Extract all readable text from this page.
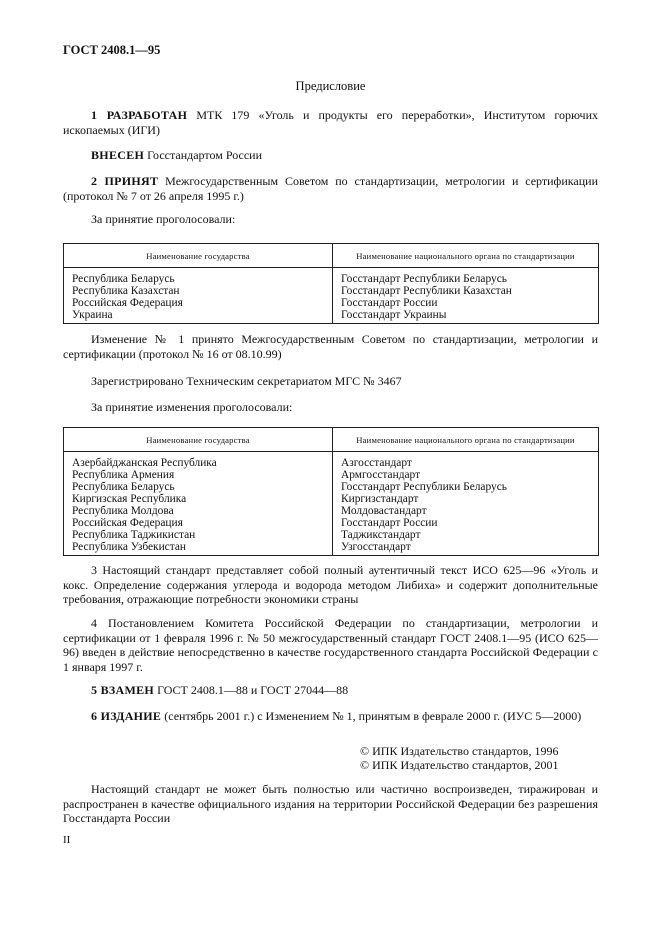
ГОСТ 2408.1—95
Предисловие

1 РАЗРАБОТАН МТК 179 «Уголь и продукты его переработки», Институтом горючих ископаемых (ИГИ)

ВНЕСЕН Госстандартом России

2 ПРИНЯТ Межгосударственным Советом по стандартизации, метрологии и сертификации (протокол № 7 от 26 апреля 1995 г.)

За принятие проголосовали:
Наименование государства	Наименование национального органа по стандартизации
Республика Беларусь	Госстандарт Республики Беларусь
Республика Казахстан	Госстандарт Республики Казахстан
Российская Федерация	Госстандарт России
Украина	Госстандарт Украины

Изменение № 1 принято Межгосударственным Советом по стандартизации, метрологии и сертификации (протокол № 16 от 08.10.99)

Зарегистрировано Техническим секретариатом МГС № 3467
За принятие изменения проголосовали:
Наименование государства	Наименование национального органа по стандартизации
Азербайджанская Республика	Азгосстандарт
Республика Армения	Армгосстандарт
Республика Беларусь	Госстандарт Республики Беларусь
Киргизская Республика	Киргизстандарт
Республика Молдова	Молдовастандарт
Российская Федерация	Госстандарт России
Республика Таджикистан	Таджикстандарт
Республика Узбекистан	Узгосстандарт

3 Настоящий стандарт представляет собой полный аутентичный текст ИСО 625—96 «Уголь и кокс. Определение содержания углерода и водорода методом Либиха» и содержит дополнительные требования, отражающие потребности экономики страны

4 Постановлением Комитета Российской Федерации по стандартизации, метрологии и сертификации от 1 февраля 1996 г. № 50 межгосударственный стандарт ГОСТ 2408.1—95 (ИСО 625—96) введен в действие непосредственно в качестве государственного стандарта Российской Федерации с 1 января 1997 г.

5 ВЗАМЕН ГОСТ 2408.1—88 и ГОСТ 27044—88

6 ИЗДАНИЕ (сентябрь 2001 г.) с Изменением № 1, принятым в феврале 2000 г. (ИУС 5—2000)

© ИПК Издательство стандартов, 1996
© ИПК Издательство стандартов, 2001

Настоящий стандарт не может быть полностью или частично воспроизведен, тиражирован и распространен в качестве официального издания на территории Российской Федерации без разрешения Госстандарта России

II
